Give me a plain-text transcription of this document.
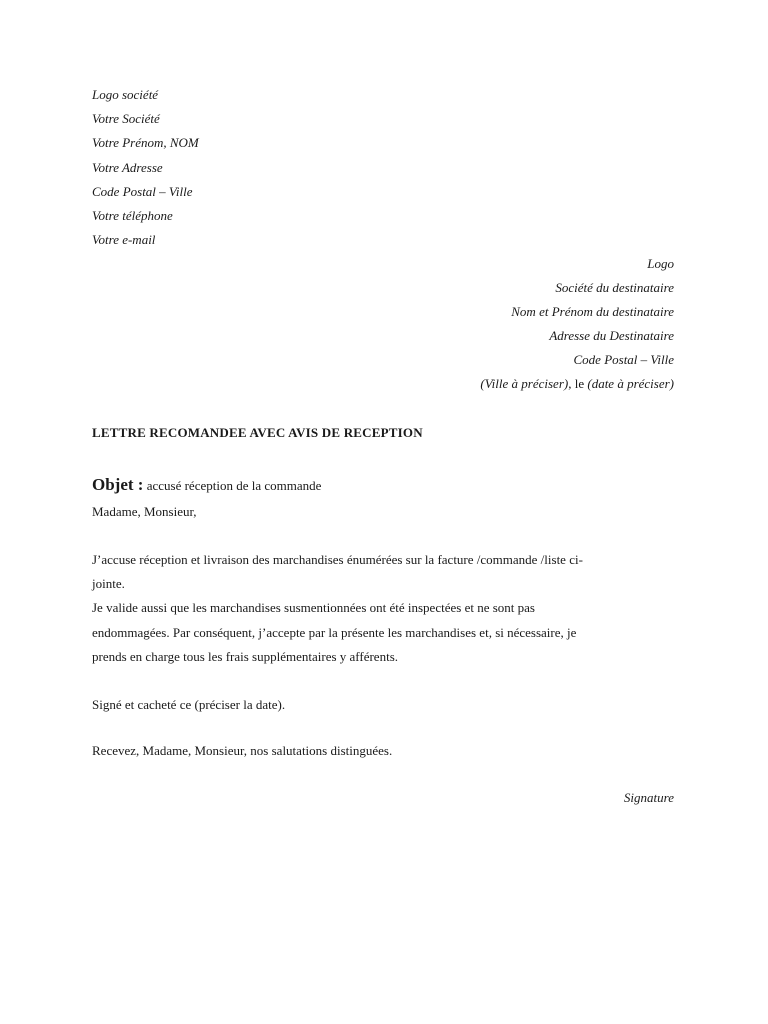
Logo société
Votre Société
Votre Prénom, NOM
Votre Adresse
Code Postal – Ville
Votre téléphone
Votre e-mail
Logo
Société du destinataire
Nom et Prénom du destinataire
Adresse du Destinataire
Code Postal – Ville
(Ville à préciser), le (date à préciser)
LETTRE RECOMANDEE AVEC AVIS DE RECEPTION
Objet : accusé réception de la commande
Madame, Monsieur,
J’accuse réception et livraison des marchandises énumérées sur la facture /commande /liste ci-
jointe.
Je valide aussi que les marchandises susmentionnées ont été inspectées et ne sont pas
endommagées. Par conséquent, j’accepte par la présente les marchandises et, si nécessaire, je
prends en charge tous les frais supplémentaires y afférents.
Signé et cacheté ce (préciser la date).
Recevez, Madame, Monsieur, nos salutations distinguées.
Signature
